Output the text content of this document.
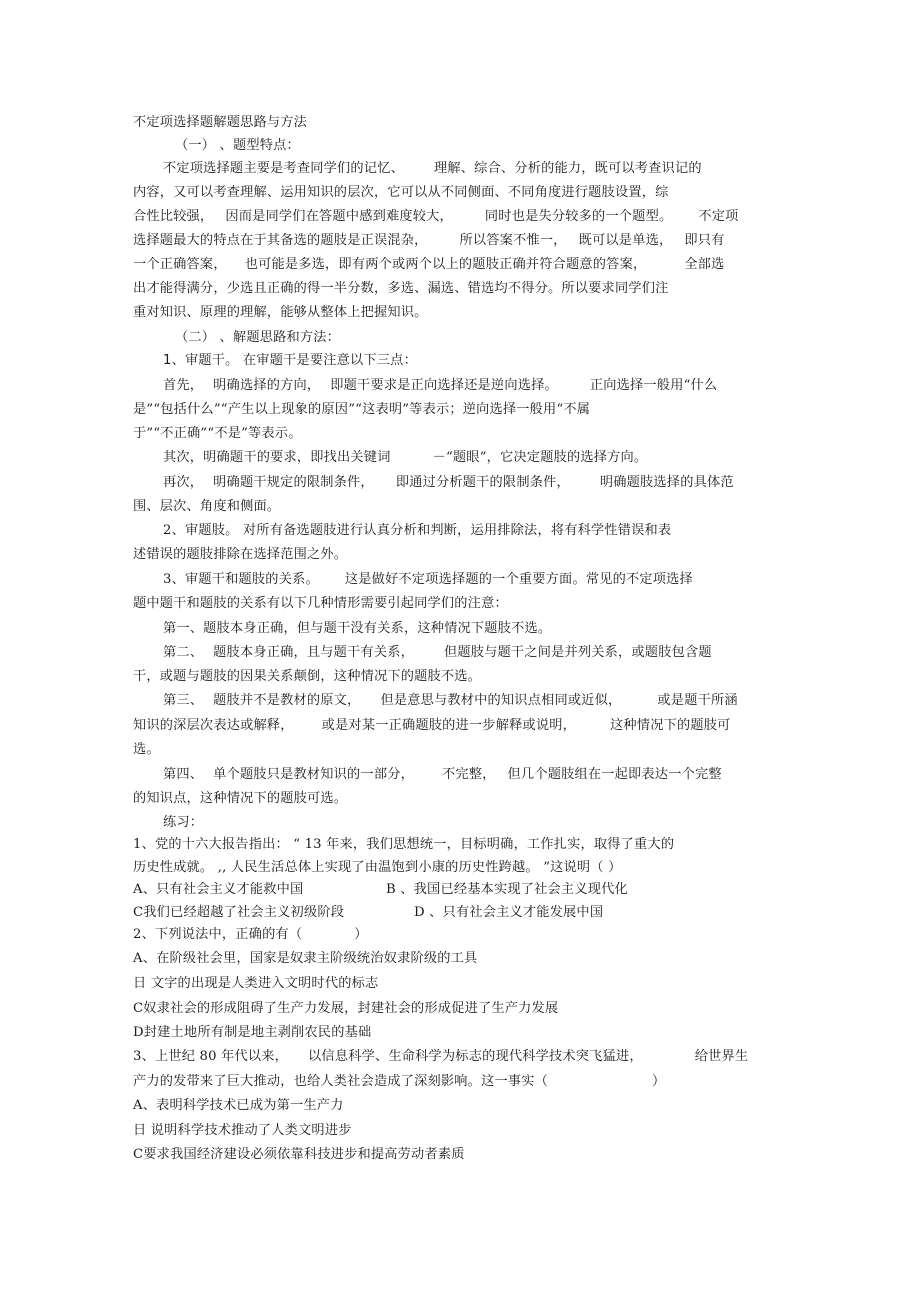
不定项选择题解题思路与方法
（一） 、题型特点：
不定项选择题主要是考查同学们的记忆、 理解、综合、分析的能力，既可以考查识记的
内容，又可以考查理解、运用知识的层次，它可以从不同侧面、不同角度进行题肢设置，综
合性比较强， 因而是同学们在答题中感到难度较大， 同时也是失分较多的一个题型。 不定项
选择题最大的特点在于其备选的题肢是正误混杂， 所以答案不惟一， 既可以是单选， 即只有
一个正确答案， 也可能是多选，即有两个或两个以上的题肢正确并符合题意的答案，	全部选
出才能得满分，少选且正确的得一半分数，多选、漏选、错选均不得分。所以要求同学们注
重对知识、原理的理解，能够从整体上把握知识。
（二） 、解题思路和方法：
1、审题干。 在审题干是要注意以下三点：
首先， 明确选择的方向， 即题干要求是正向选择还是逆向选择。 正向选择一般用“什么
是”“包括什么”“产生以上现象的原因”“这表明”等表示；逆向选择一般用“不属
于”“不正确”“不是”等表示。
其次，明确题干的要求，即找出关键词	－“题眼”，它决定题肢的选择方向。
再次， 明确题干规定的限制条件， 即通过分析题干的限制条件， 明确题肢选择的具体范
围、层次、角度和侧面。
2、审题肢。 对所有备选题肢进行认真分析和判断，运用排除法，将有科学性错误和表
述错误的题肢排除在选择范围之外。
3、审题干和题肢的关系。 这是做好不定项选择题的一个重要方面。常见的不定项选择
题中题干和题肢的关系有以下几种情形需要引起同学们的注意：
第一、题肢本身正确，但与题干没有关系，这种情况下题肢不选。
第二、 题肢本身正确，且与题干有关系， 但题肢与题干之间是并列关系，或题肢包含题
干，或题与题肢的因果关系颠倒，这种情况下的题肢不选。
第三、 题肢并不是教材的原文， 但是意思与教材中的知识点相同或近似，	或是题干所涵
知识的深层次表达或解释， 或是对某一正确题肢的进一步解释或说明，	这种情况下的题肢可
选。
第四、 单个题肢只是教材知识的一部分， 不完整， 但几个题肢组在一起即表达一个完整
的知识点，这种情况下的题肢可选。
练习：
1、党的十六大报告指出： “ 13 年来，我们思想统一，目标明确，工作扎实，取得了重大的
历史性成就。 ,, 人民生活总体上实现了由温饱到小康的历史性跨越。 ”这说明（ ）
A、只有社会主义才能救中国	B 、我国已经基本实现了社会主义现代化
C我们已经超越了社会主义初级阶段	D 、只有社会主义才能发展中国
2、下列说法中，正确的有（	）
A、在阶级社会里，国家是奴隶主阶级统治奴隶阶级的工具
日 文字的出现是人类进入文明时代的标志
C奴隶社会的形成阻碍了生产力发展，封建社会的形成促进了生产力发展
D封建土地所有制是地主剥削农民的基础
3、上世纪 80 年代以来， 以信息科学、生命科学为标志的现代科学技术突飞猛进，	给世界生
产力的发带来了巨大推动，也给人类社会造成了深刻影响。这一事实（	）
A、表明科学技术已成为第一生产力
日 说明科学技术推动了人类文明进步
C要求我国经济建设必须依靠科技进步和提高劳动者素质
